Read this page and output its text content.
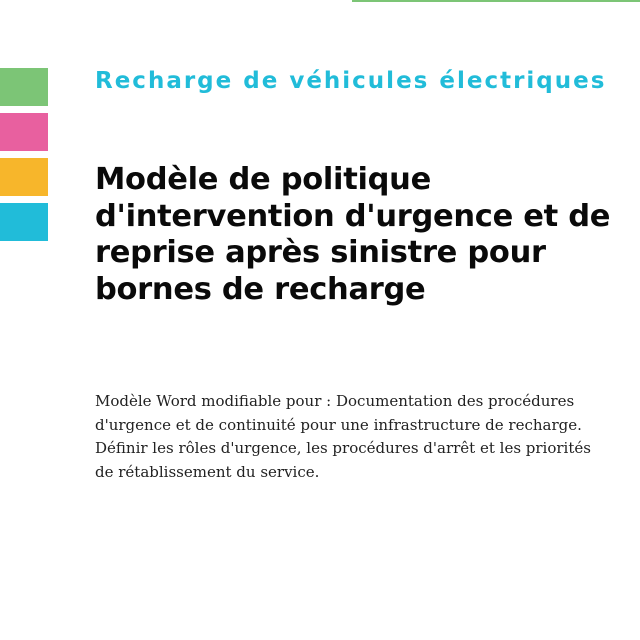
Recharge de véhicules électriques
Modèle de politique d'intervention d'urgence et de reprise après sinistre pour bornes de recharge

Modèle Word modifiable pour : Documentation des procédures d'urgence et de continuité pour une infrastructure de recharge. Définir les rôles d'urgence, les procédures d'arrêt et les priorités de rétablissement du service.
